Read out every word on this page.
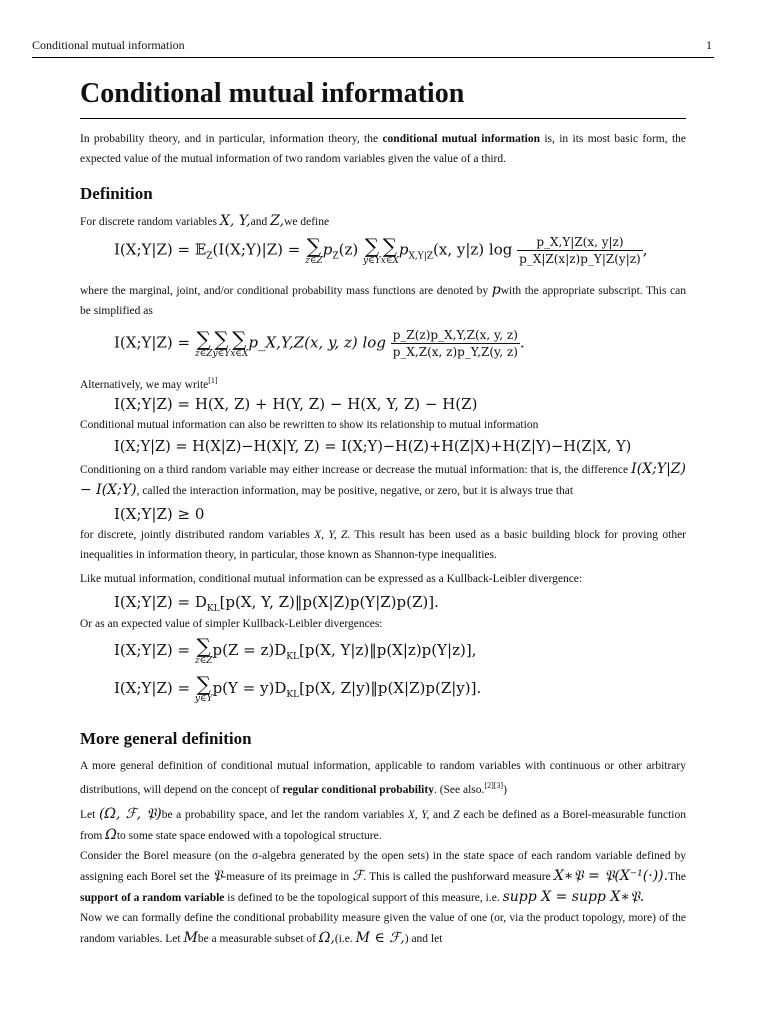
Conditional mutual information	1
Conditional mutual information

In probability theory, and in particular, information theory, the conditional mutual information is, in its most basic form, the expected value of the mutual information of two random variables given the value of a third.

Definition

For discrete random variables X, Y,and Z,we define

I(X;Y|Z) = 𝔼$_Z$(I(X;Y)|Z) = ∑
z∈Z
$p_Z(z)$ ∑
y∈Y
∑
x∈X
$p_{X,Y|Z}(x$, y|z) $\log \frac{p\_X,Y|Z(x, y|z)}{p\_X|Z(x|z)p\_Y|Z(y|z)}$ ,

where the marginal, joint, and/or conditional probability mass functions are denoted by pwith the appropriate subscript. This can be simplified as

I(X;Y|Z) = ∑
z∈Z
∑
y∈Y
∑
x∈X
p_X,Y,Z(x, y, z) $\log \frac{p\_Z(z)p\_X,Y,Z(x, y, z)}{p\_X,Z(x, z)p\_Y,Z(y, z)}$ .

Alternatively, we may write[1]

I(X;Y|Z) = H(X, Z) + H(Y, Z) − H(X, Y, Z) − H(Z)

Conditional mutual information can also be rewritten to show its relationship to mutual information

I(X;Y|Z) = H(X|Z)−H(X|Y, Z) = I(X;Y)−H(Z)+H(Z|X)+H(Z|Y)−H(Z|X, Y)

Conditioning on a third random variable may either increase or decrease the mutual information: that is, the difference I(X;Y|Z) − I(X;Y), called the interaction information, may be positive, negative, or zero, but it is always true that

I(X;Y|Z) ≥ 0

for discrete, jointly distributed random variables X, Y, Z. This result has been used as a basic building block for proving other inequalities in information theory, in particular, those known as Shannon-type inequalities.

Like mutual information, conditional mutual information can be expressed as a Kullback-Leibler divergence:

I(X;Y|Z) = $D_{KL}[p(X$, Y, Z)‖p(X|Z)p(Y|Z)p(Z)].

Or as an expected value of simpler Kullback-Leibler divergences:

I(X;Y|Z) = ∑
z∈Z
$p(Z = z)D_{KL}[p(X$, Y|z)‖p(X|z)p(Y|z)],
I(X;Y|Z) = ∑
y∈Y
$p(Y = y)D_{KL}[p(X$, Z|y)‖p(X|Z)p(Z|y)].
More general definition

A more general definition of conditional mutual information, applicable to random variables with continuous or other arbitrary distributions, will depend on the concept of regular conditional probability. (See also.[2][3])

Let (Ω, ℱ, 𝔓)be a probability space, and let the random variables X, Y, and Z each be defined as a Borel-measurable function from Ωto some state space endowed with a topological structure.

Consider the Borel measure (on the σ-algebra generated by the open sets) in the state space of each random variable defined by assigning each Borel set the 𝔓-measure of its preimage in ℱ. This is called the pushforward measure X∗𝔓 = 𝔓(X⁻¹(·)).The support of a random variable is defined to be the topological support of this measure, i.e. supp X = supp X∗𝔓.

Now we can formally define the conditional probability measure given the value of one (or, via the product topology, more) of the random variables. Let Mbe a measurable subset of Ω,(i.e. M ∈ ℱ,) and let
